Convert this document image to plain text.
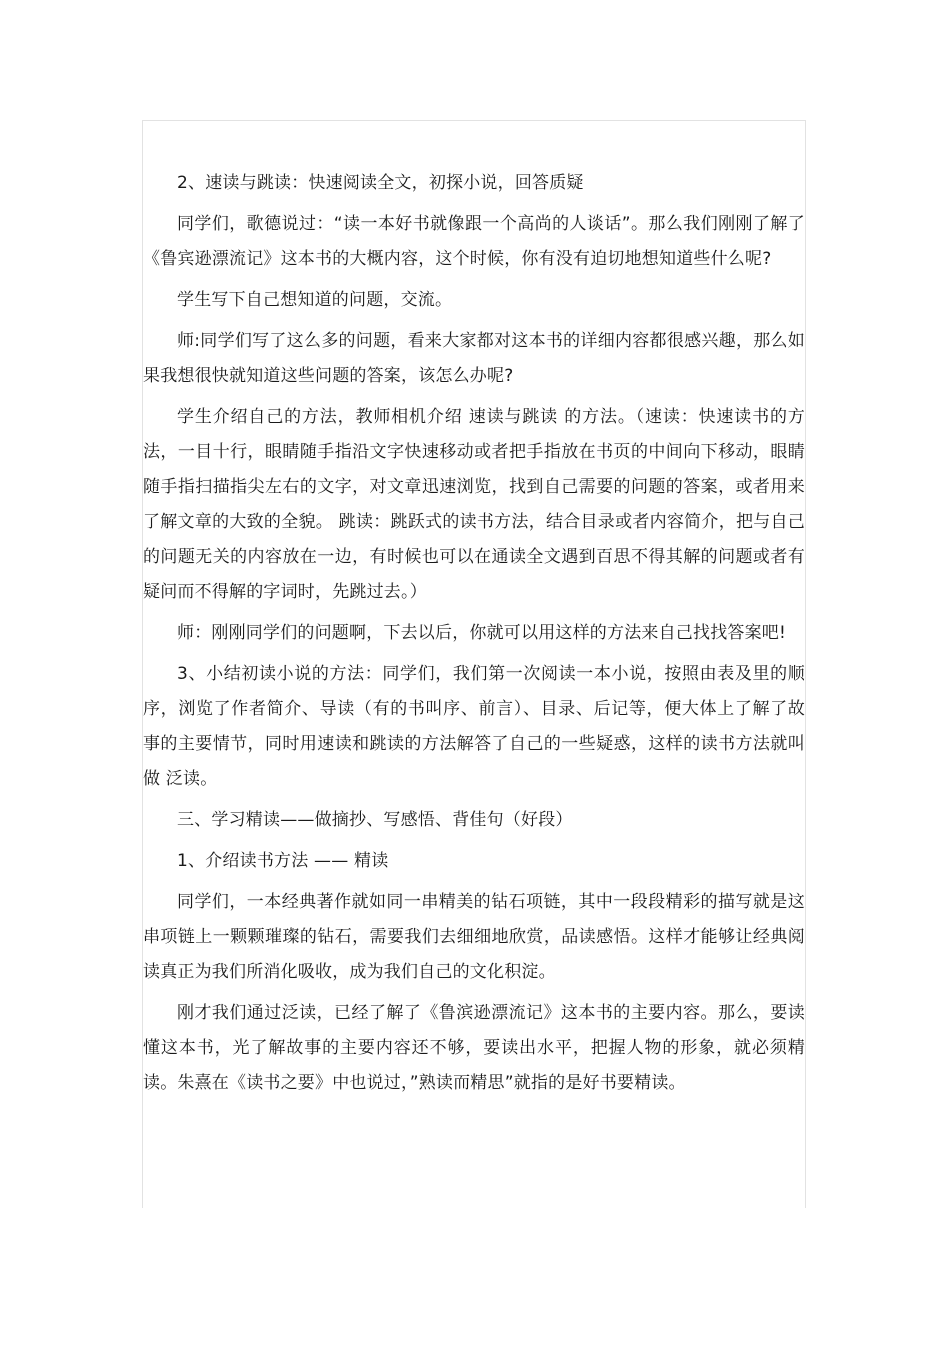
2、速读与跳读：快速阅读全文，初探小说，回答质疑

同学们，歌德说过：“读一本好书就像跟一个高尚的人谈话”。那么我们刚刚了解了《鲁宾逊漂流记》这本书的大概内容，这个时候，你有没有迫切地想知道些什么呢?

学生写下自己想知道的问题，交流。

师:同学们写了这么多的问题，看来大家都对这本书的详细内容都很感兴趣，那么如果我想很快就知道这些问题的答案，该怎么办呢?

学生介绍自己的方法，教师相机介绍 速读与跳读 的方法。（速读：快速读书的方法，一目十行，眼睛随手指沿文字快速移动或者把手指放在书页的中间向下移动，眼睛随手指扫描指尖左右的文字，对文章迅速浏览，找到自己需要的问题的答案，或者用来了解文章的大致的全貌。 跳读：跳跃式的读书方法，结合目录或者内容简介，把与自己的问题无关的内容放在一边，有时候也可以在通读全文遇到百思不得其解的问题或者有疑问而不得解的字词时，先跳过去。）

师：刚刚同学们的问题啊，下去以后，你就可以用这样的方法来自己找找答案吧!

3、小结初读小说的方法：同学们，我们第一次阅读一本小说，按照由表及里的顺序，浏览了作者简介、导读（有的书叫序、前言）、目录、后记等，便大体上了解了故事的主要情节，同时用速读和跳读的方法解答了自己的一些疑惑，这样的读书方法就叫做 泛读。

三、学习精读——做摘抄、写感悟、背佳句（好段）

1、介绍读书方法 —— 精读

同学们，一本经典著作就如同一串精美的钻石项链，其中一段段精彩的描写就是这串项链上一颗颗璀璨的钻石，需要我们去细细地欣赏，品读感悟。这样才能够让经典阅读真正为我们所消化吸收，成为我们自己的文化积淀。

刚才我们通过泛读，已经了解了《鲁滨逊漂流记》这本书的主要内容。那么，要读懂这本书，光了解故事的主要内容还不够，要读出水平，把握人物的形象，就必须精读。朱熹在《读书之要》中也说过，”熟读而精思”就指的是好书要精读。
